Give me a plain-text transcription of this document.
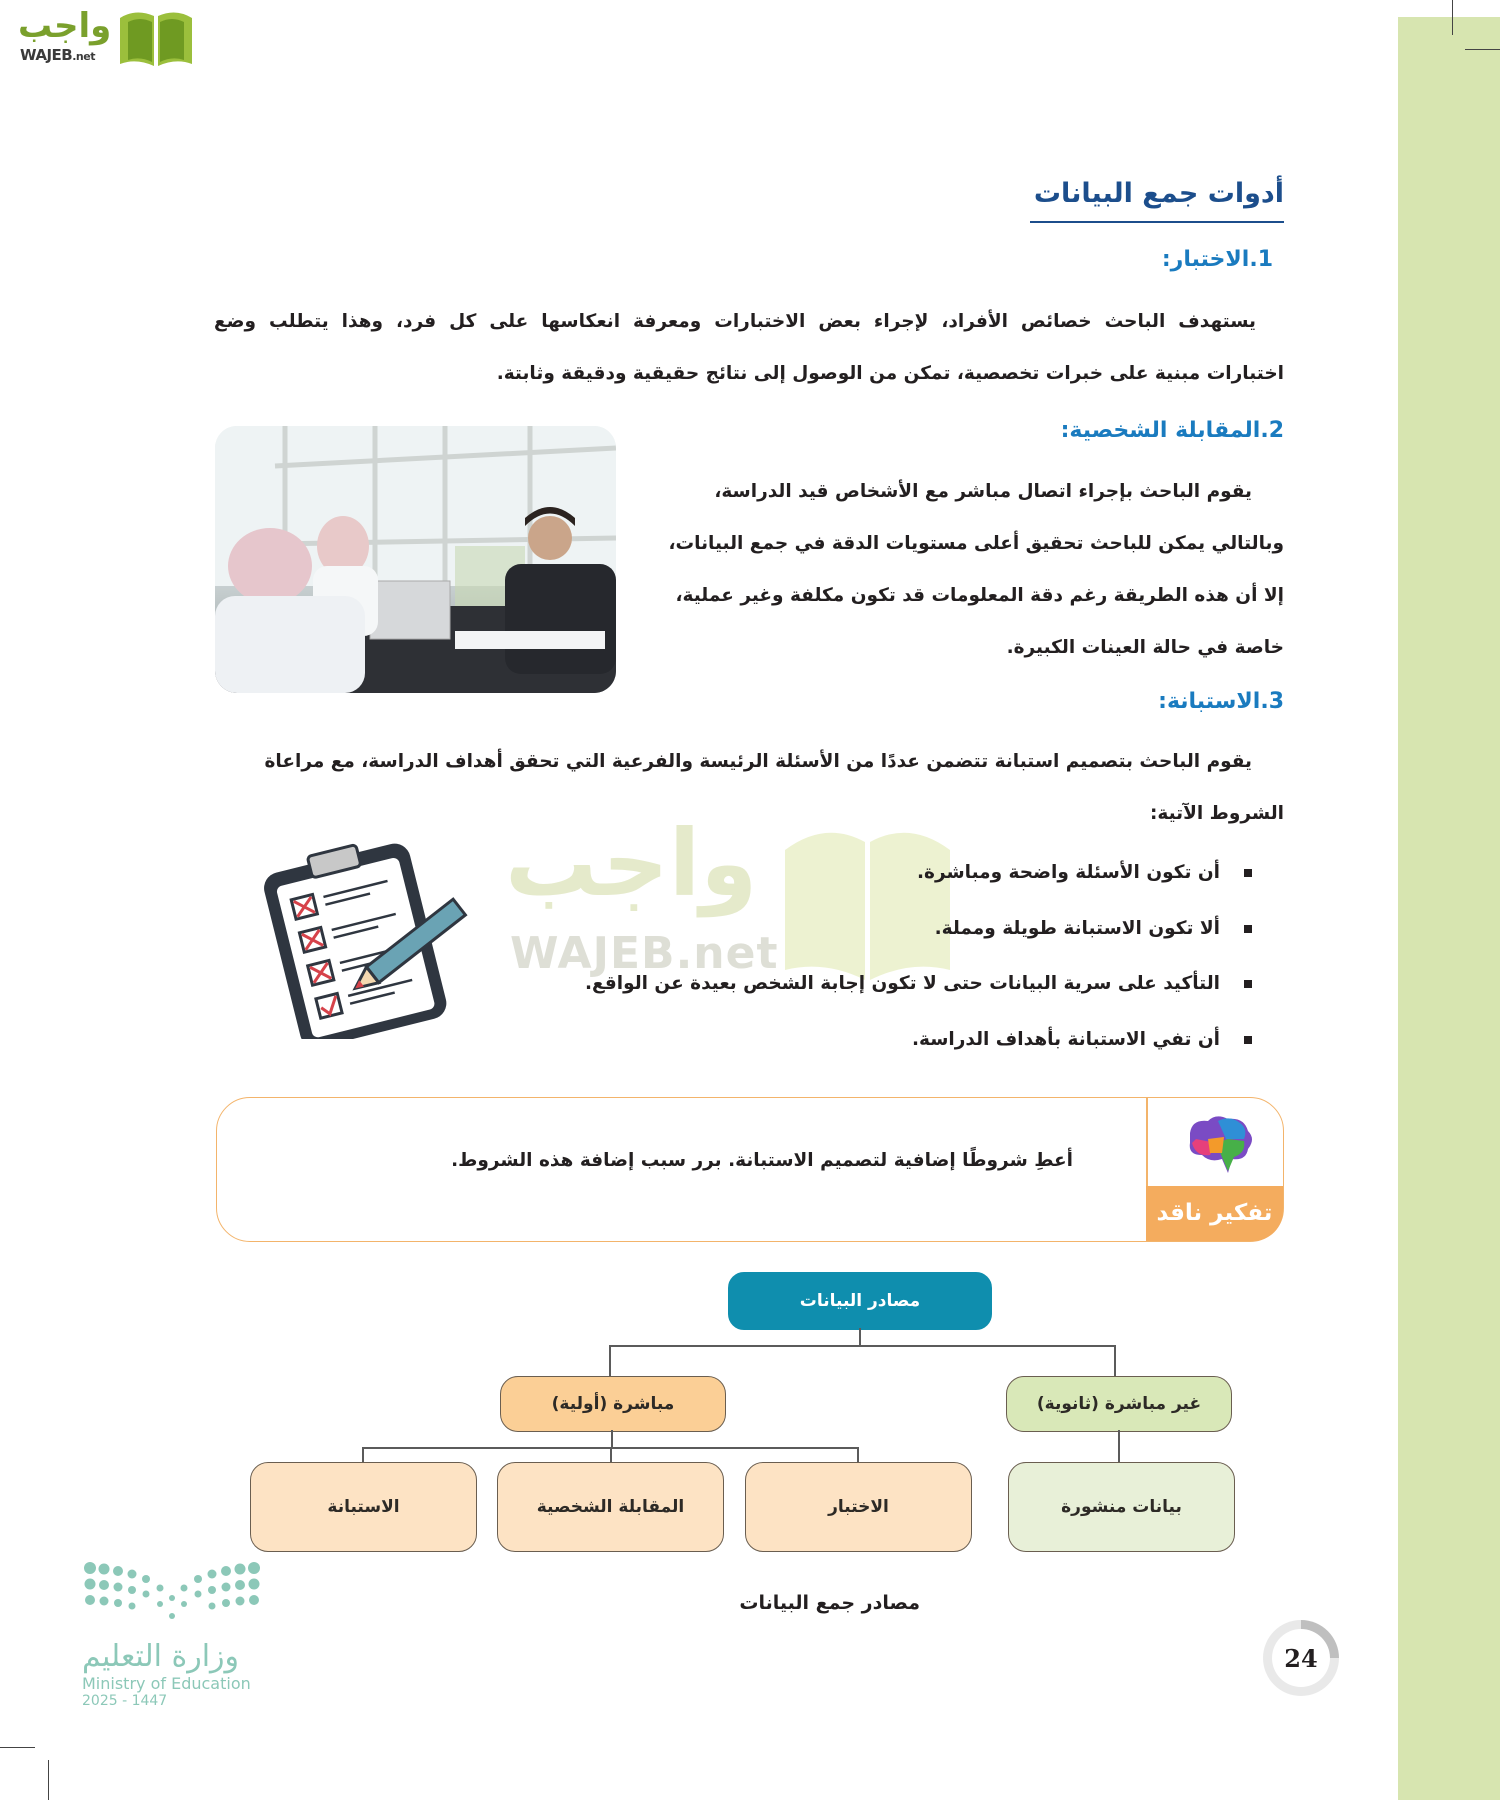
واجب
WAJEB.net
أدوات جمع البيانات
1.الاختبار:
يستهدف الباحث خصائص الأفراد، لإجراء بعض الاختبارات ومعرفة انعكاسها على كل فرد، وهذا يتطلب وضع
اختبارات مبنية على خبرات تخصصية، تمكن من الوصول إلى نتائج حقيقية ودقيقة وثابتة.
2.المقابلة الشخصية:
يقوم الباحث بإجراء اتصال مباشر مع الأشخاص قيد الدراسة،
وبالتالي يمكن للباحث تحقيق أعلى مستويات الدقة في جمع البيانات،
إلا أن هذه الطريقة رغم دقة المعلومات قد تكون مكلفة وغير عملية،
خاصة في حالة العينات الكبيرة.
3.الاستبانة:
يقوم الباحث بتصميم استبانة تتضمن عددًا من الأسئلة الرئيسة والفرعية التي تحقق أهداف الدراسة، مع مراعاة
الشروط الآتية:
واجب
WAJEB.net
أن تكون الأسئلة واضحة ومباشرة.
ألا تكون الاستبانة طويلة ومملة.
التأكيد على سرية البيانات حتى لا تكون إجابة الشخص بعيدة عن الواقع.
أن تفي الاستبانة بأهداف الدراسة.
تفكير ناقد
أعطِ شروطًا إضافية لتصميم الاستبانة. برر سبب إضافة هذه الشروط.
مصادر البيانات
غير مباشرة (ثانوية)
مباشرة (أولية)
بيانات منشورة
الاختبار
المقابلة الشخصية
الاستبانة
مصادر جمع البيانات
24
وزارة التعليم
Ministry of Education
2025 - 1447
